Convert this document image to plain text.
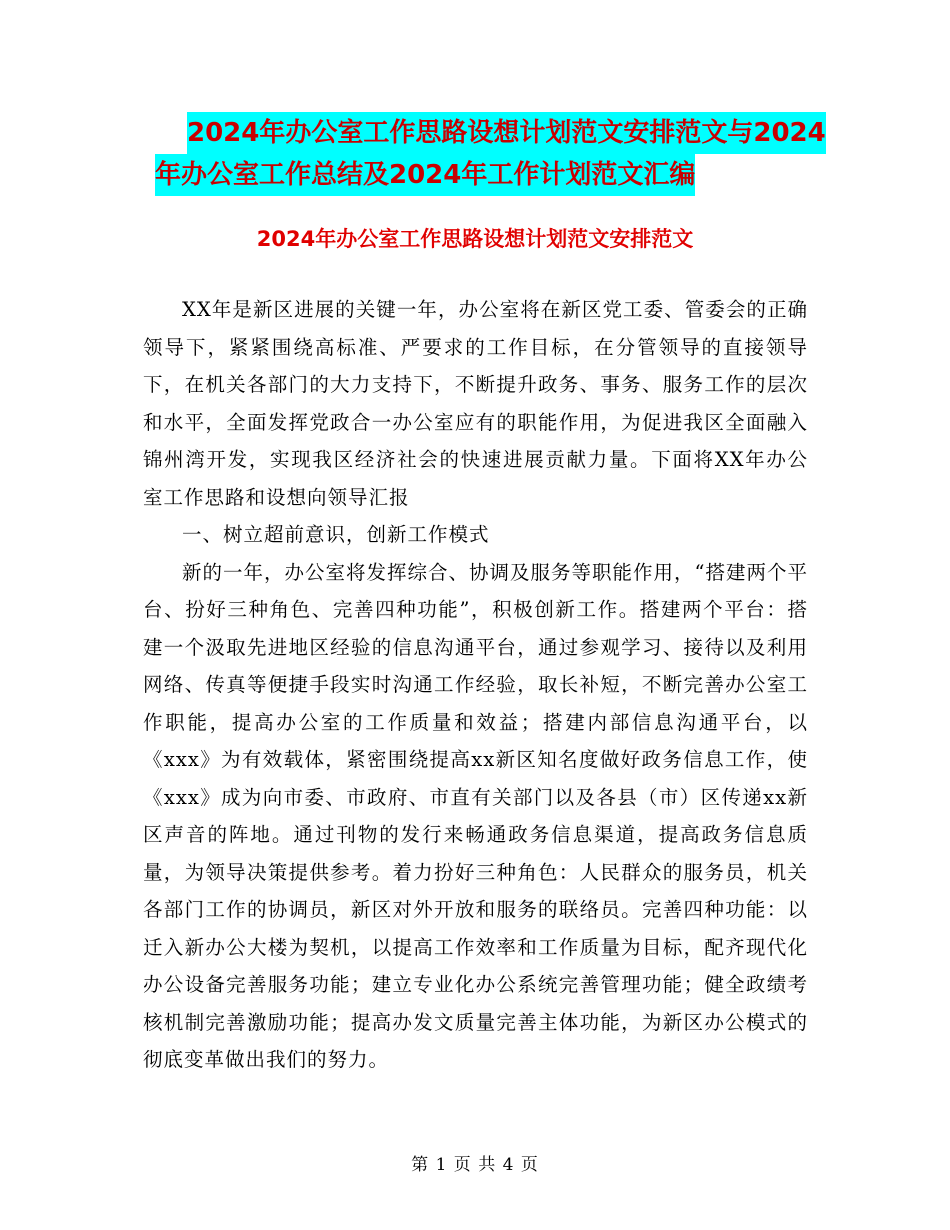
2024年办公室工作思路设想计划范文安排范文与2024
年办公室工作总结及2024年工作计划范文汇编
2024年办公室工作思路设想计划范文安排范文

XX年是新区进展的关键一年，办公室将在新区党工委、管委会的正确领导下，紧紧围绕高标准、严要求的工作目标，在分管领导的直接领导下，在机关各部门的大力支持下，不断提升政务、事务、服务工作的层次和水平，全面发挥党政合一办公室应有的职能作用，为促进我区全面融入锦州湾开发，实现我区经济社会的快速进展贡献力量。下面将XX年办公室工作思路和设想向领导汇报

一、树立超前意识，创新工作模式

新的一年，办公室将发挥综合、协调及服务等职能作用，“搭建两个平台、扮好三种角色、完善四种功能”，积极创新工作。搭建两个平台：搭建一个汲取先进地区经验的信息沟通平台，通过参观学习、接待以及利用网络、传真等便捷手段实时沟通工作经验，取长补短，不断完善办公室工作职能，提高办公室的工作质量和效益；搭建内部信息沟通平台，以《xxx》为有效载体，紧密围绕提高xx新区知名度做好政务信息工作，使《xxx》成为向市委、市政府、市直有关部门以及各县（市）区传递xx新区声音的阵地。通过刊物的发行来畅通政务信息渠道，提高政务信息质量，为领导决策提供参考。着力扮好三种角色：人民群众的服务员，机关各部门工作的协调员，新区对外开放和服务的联络员。完善四种功能：以迁入新办公大楼为契机，以提高工作效率和工作质量为目标，配齐现代化办公设备完善服务功能；建立专业化办公系统完善管理功能；健全政绩考核机制完善激励功能；提高办发文质量完善主体功能，为新区办公模式的彻底变革做出我们的努力。

第 1 页 共 4 页
